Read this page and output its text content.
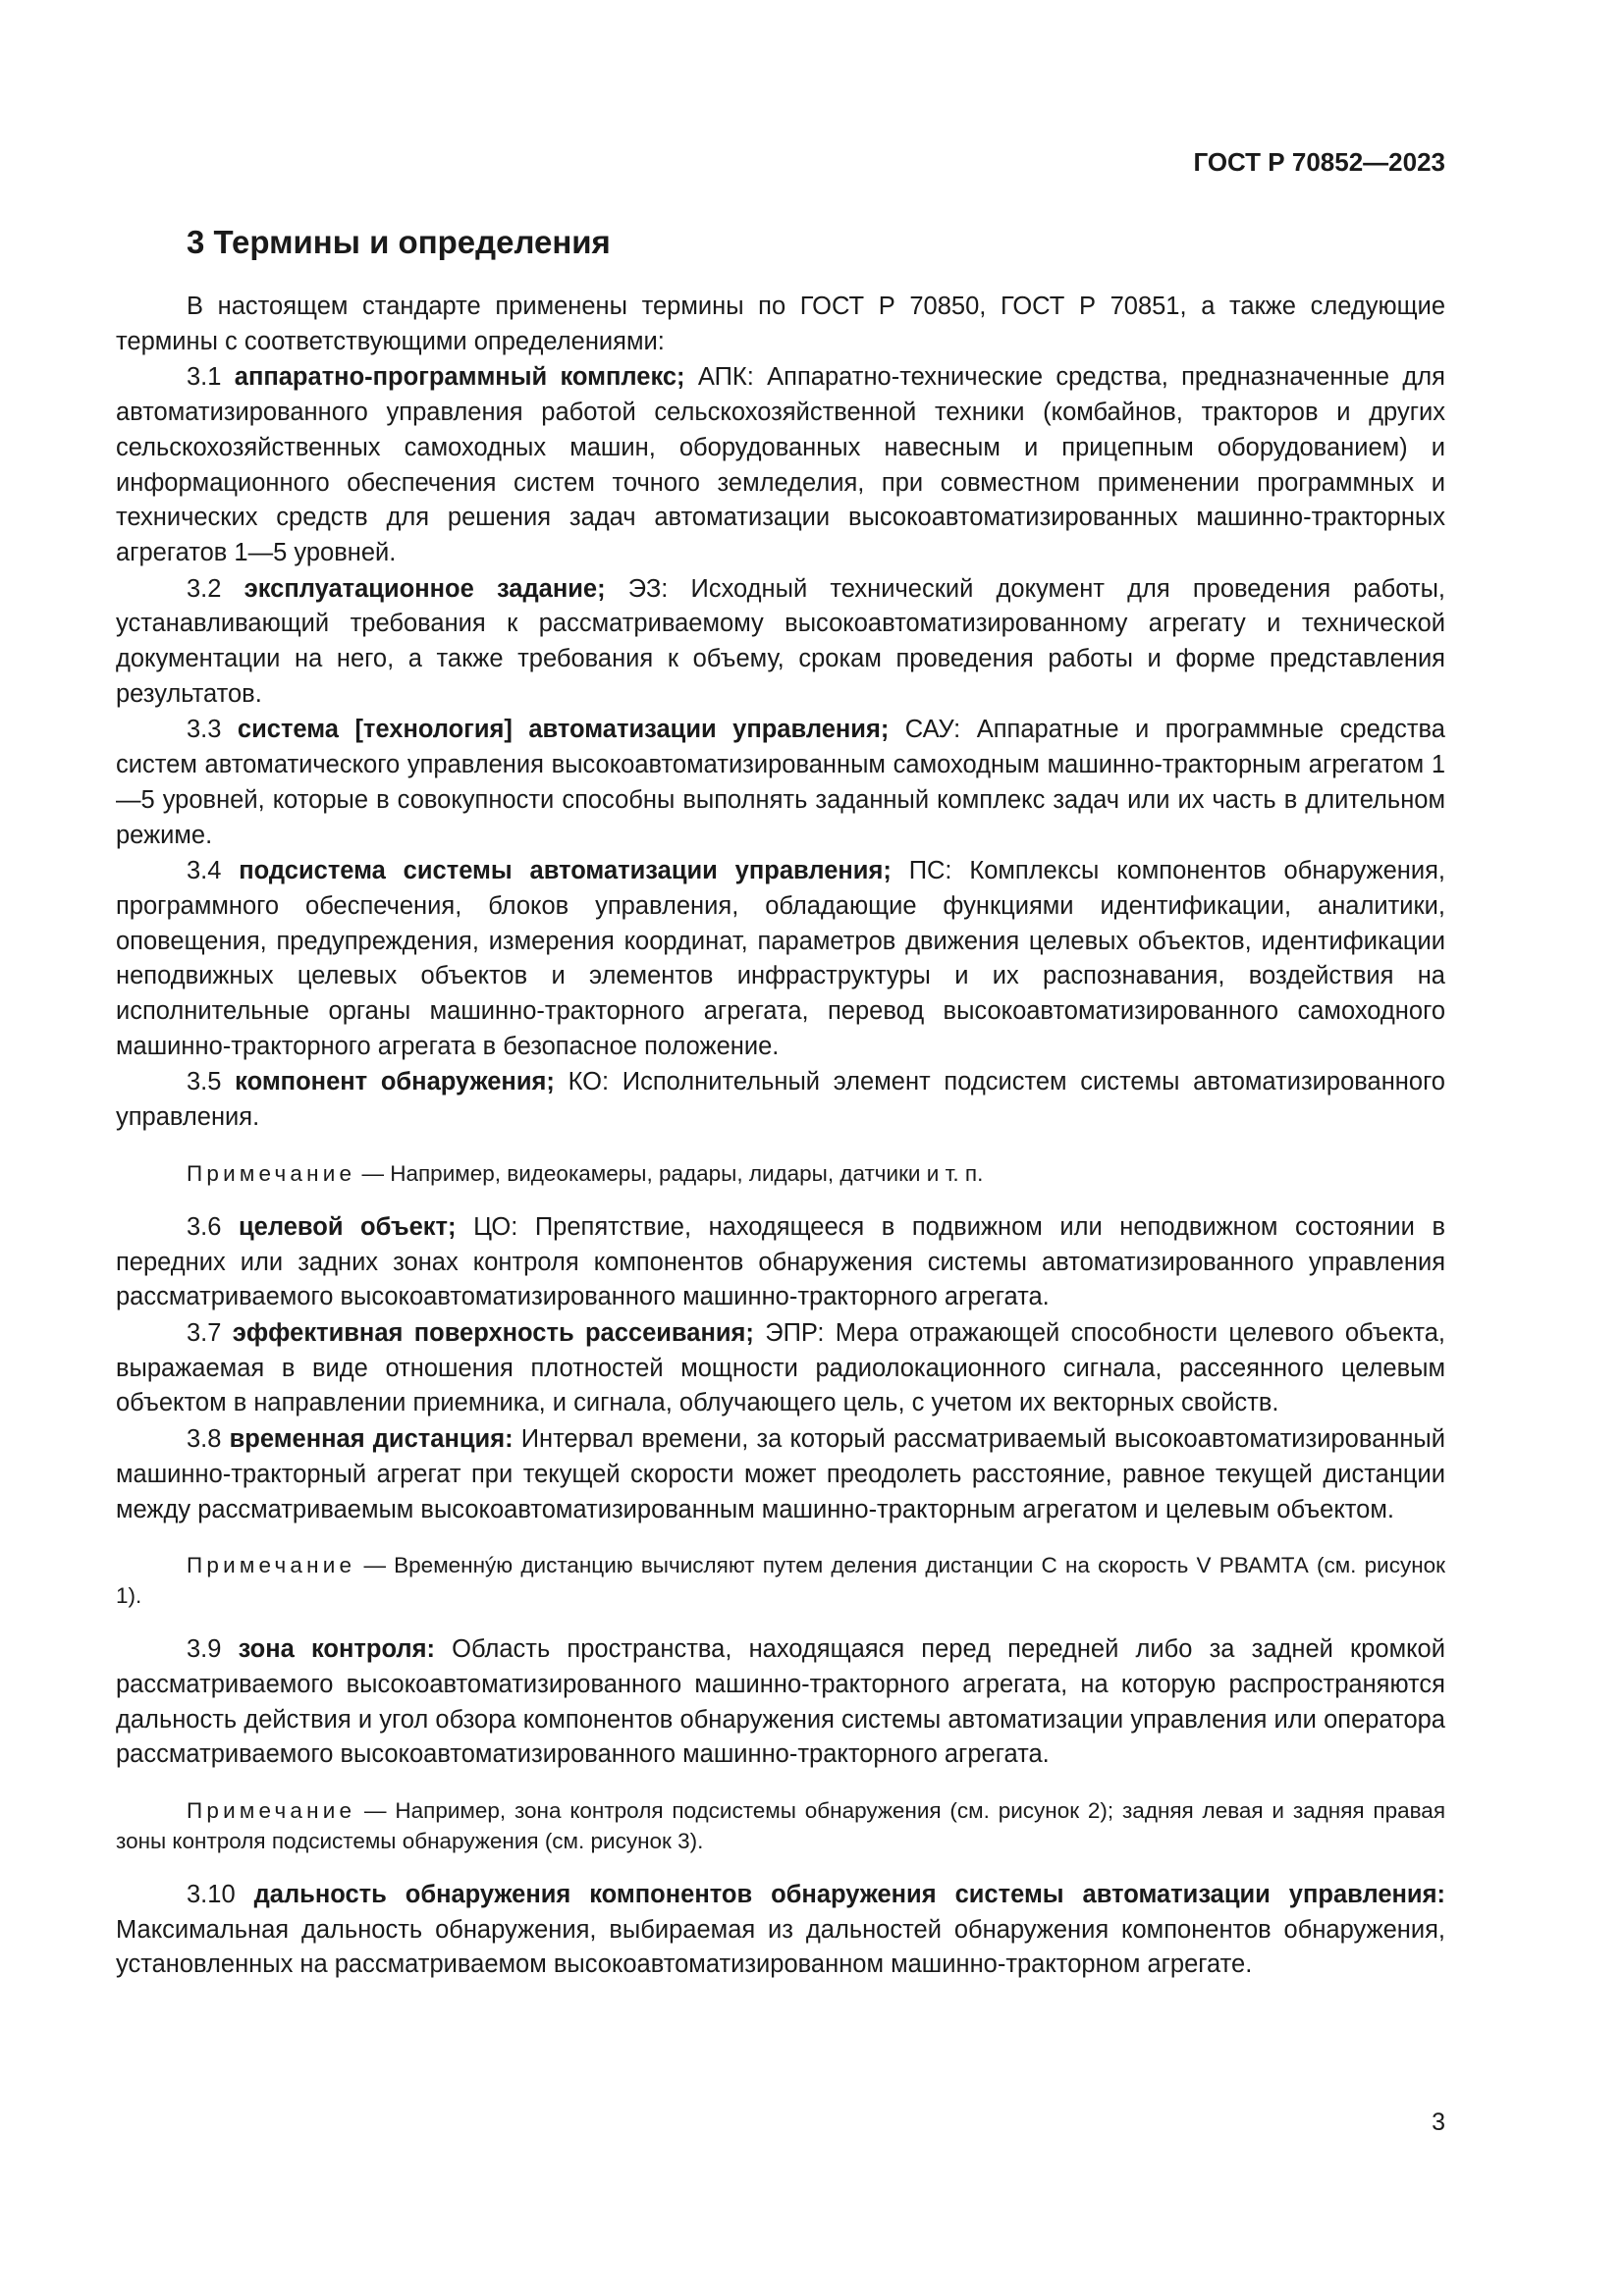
ГОСТ Р 70852—2023
3 Термины и определения

В настоящем стандарте применены термины по ГОСТ Р 70850, ГОСТ Р 70851, а также следующие термины с соответствующими определениями:

3.1 аппаратно-программный комплекс; АПК: Аппаратно-технические средства, предназначенные для автоматизированного управления работой сельскохозяйственной техники (комбайнов, тракторов и других сельскохозяйственных самоходных машин, оборудованных навесным и прицепным оборудованием) и информационного обеспечения систем точного земледелия, при совместном применении программных и технических средств для решения задач автоматизации высокоавтоматизированных машинно-тракторных агрегатов 1—5 уровней.

3.2 эксплуатационное задание; ЭЗ: Исходный технический документ для проведения работы, устанавливающий требования к рассматриваемому высокоавтоматизированному агрегату и технической документации на него, а также требования к объему, срокам проведения работы и форме представления результатов.

3.3 система [технология] автоматизации управления; САУ: Аппаратные и программные средства систем автоматического управления высокоавтоматизированным самоходным машинно-тракторным агрегатом 1—5 уровней, которые в совокупности способны выполнять заданный комплекс задач или их часть в длительном режиме.

3.4 подсистема системы автоматизации управления; ПС: Комплексы компонентов обнаружения, программного обеспечения, блоков управления, обладающие функциями идентификации, аналитики, оповещения, предупреждения, измерения координат, параметров движения целевых объектов, идентификации неподвижных целевых объектов и элементов инфраструктуры и их распознавания, воздействия на исполнительные органы машинно-тракторного агрегата, перевод высокоавтоматизированного самоходного машинно-тракторного агрегата в безопасное положение.

3.5 компонент обнаружения; КО: Исполнительный элемент подсистем системы автоматизированного управления.

Примечание — Например, видеокамеры, радары, лидары, датчики и т. п.

3.6 целевой объект; ЦО: Препятствие, находящееся в подвижном или неподвижном состоянии в передних или задних зонах контроля компонентов обнаружения системы автоматизированного управления рассматриваемого высокоавтоматизированного машинно-тракторного агрегата.

3.7 эффективная поверхность рассеивания; ЭПР: Мера отражающей способности целевого объекта, выражаемая в виде отношения плотностей мощности радиолокационного сигнала, рассеянного целевым объектом в направлении приемника, и сигнала, облучающего цель, с учетом их векторных свойств.

3.8 временная дистанция: Интервал времени, за который рассматриваемый высокоавтоматизированный машинно-тракторный агрегат при текущей скорости может преодолеть расстояние, равное текущей дистанции между рассматриваемым высокоавтоматизированным машинно-тракторным агрегатом и целевым объектом.

Примечание — Временнýю дистанцию вычисляют путем деления дистанции С на скорость V РВАМТА (см. рисунок 1).

3.9 зона контроля: Область пространства, находящаяся перед передней либо за задней кромкой рассматриваемого высокоавтоматизированного машинно-тракторного агрегата, на которую распространяются дальность действия и угол обзора компонентов обнаружения системы автоматизации управления или оператора рассматриваемого высокоавтоматизированного машинно-тракторного агрегата.

Примечание — Например, зона контроля подсистемы обнаружения (см. рисунок 2); задняя левая и задняя правая зоны контроля подсистемы обнаружения (см. рисунок 3).

3.10 дальность обнаружения компонентов обнаружения системы автоматизации управления: Максимальная дальность обнаружения, выбираемая из дальностей обнаружения компонентов обнаружения, установленных на рассматриваемом высокоавтоматизированном машинно-тракторном агрегате.

3
